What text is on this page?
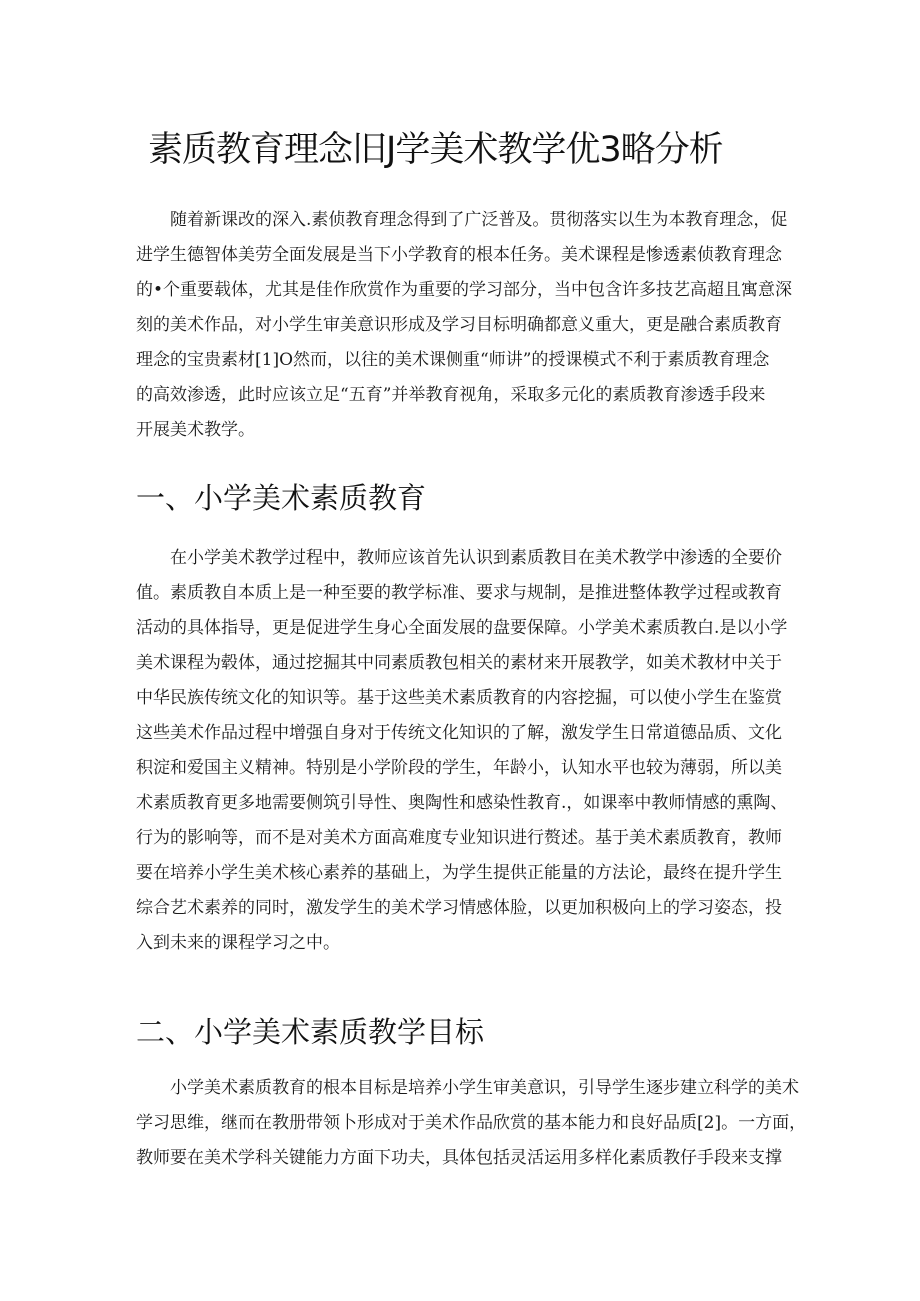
素质教育理念旧J学美术教学优3略分析
随着新课改的深入.素侦教育理念得到了广泛普及。贯彻落实以生为本教育理念，促
进学生德智体美劳全面发展是当下小学教育的根本任务。美术课程是惨透素侦教育理念
的•个重要载体，尤其是佳作欣赏作为重要的学习部分，当中包含许多技艺高超且寓意深
刻的美术作品，对小学生审美意识形成及学习目标明确都意义重大，更是融合素质教育
理念的宝贵素材[1]O然而，以往的美术课侧重“师讲”的授课模式不利于素质教育理念
的高效渗透，此时应该立足“五育”并举教育视角，采取多元化的素质教育渗透手段来
开展美术教学。
一、小学美术素质教育
在小学美术教学过程中，教师应该首先认识到素质教目在美术教学中渗透的全要价
值。素质教自本质上是一种至要的教学标准、要求与规制，是推进整体教学过程或教育
活动的具体指导，更是促进学生身心全面发展的盘要保障。小学美术素质教白.是以小学
美术课程为毂体，通过挖掘其中同素质教包相关的素材来开展教学，如美术教材中关于
中华民族传统文化的知识等。基于这些美术素质教育的内容挖掘，可以使小学生在鉴赏
这些美术作品过程中增强自身对于传统文化知识的了解，激发学生日常道德品质、文化
积淀和爱国主义精神。特别是小学阶段的学生，年龄小，认知水平也较为薄弱，所以美
术素质教育更多地需要侧筑引导性、奥陶性和感染性教育.，如课率中教师情感的熏陶、
行为的影响等，而不是对美术方面高难度专业知识进行赘述。基于美术素质教育，教师
要在培养小学生美术核心素养的基础上，为学生提供正能量的方法论，最终在提升学生
综合艺术素养的同时，激发学生的美术学习情感体脸，以更加积极向上的学习姿态，投
入到未来的课程学习之中。
二、小学美术素质教学目标
小学美术素质教育的根本目标是培养小学生审美意识，引导学生逐步建立科学的美术
学习思维，继而在教册带领卜形成对于美术作品欣赏的基本能力和良好品质[2]。一方面，
教师要在美术学科关键能力方面下功夫，具体包括灵活运用多样化素质教仔手段来支撑
